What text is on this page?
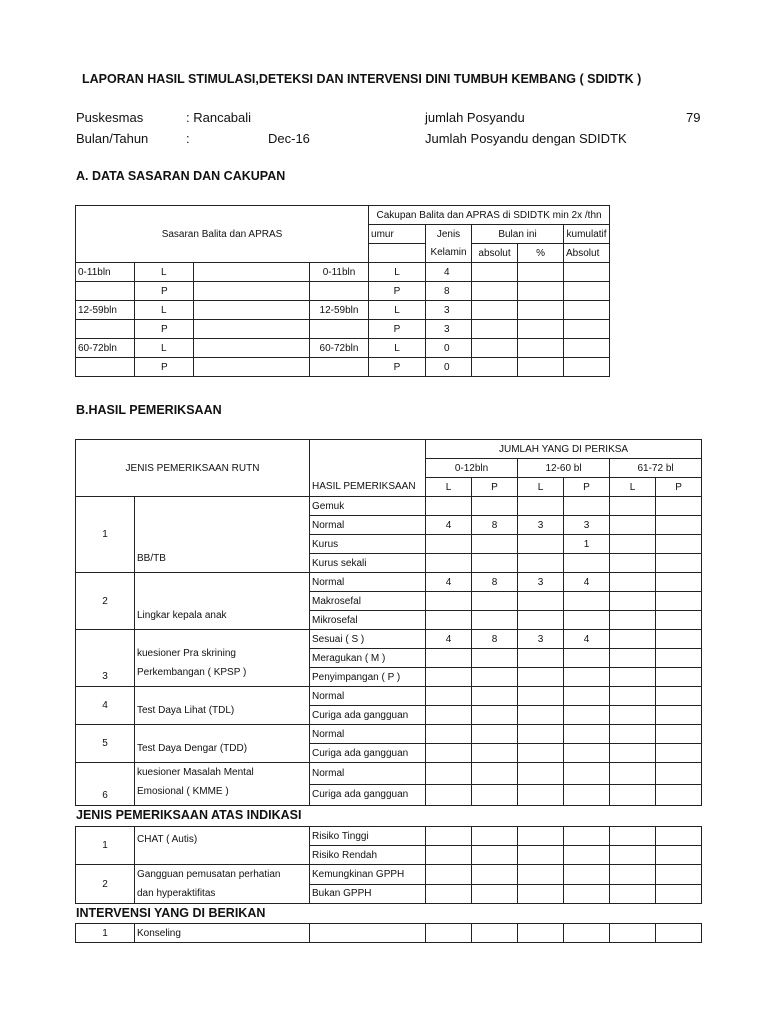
LAPORAN HASIL STIMULASI,DETEKSI DAN INTERVENSI DINI TUMBUH KEMBANG ( SDIDTK )
Puskesmas	: Rancabali	jumlah Posyandu	79
Bulan/Tahun	:	Dec-16	Jumlah Posyandu dengan SDIDTK
A. DATA SASARAN DAN CAKUPAN
Sasaran Balita dan APRAS				Cakupan Balita dan APRAS di SDIDTK min 2x /thn					
				umur	Jenis	Bulan ini		kumulatif	
					Kelamin	absolut	%	Absolut	
0-11bln	L		0-11bln	L	4				
	P			P	8				
12-59bln	L		12-59bln	L	3				
	P			P	3				
60-72bln	L		60-72bln	L	0				
	P			P	0				
B.HASIL PEMERIKSAAN
JENIS PEMERIKSAAN RUTN			JUMLAH YANG DI PERIKSA					
			0-12bln		12-60 bl		61-72 bl	
		HASIL PEMERIKSAAN	L	P	L	P	L	P
1	BB/TB	Gemuk						
		Normal	4	8	3	3		
		Kurus				1		
		Kurus sekali						
2	Lingkar kepala anak	Normal	4	8	3	4		
		Makrosefal						
		Mikrosefal						
3	kuesioner Pra skrining
Perkembangan ( KPSP )	Sesuai ( S )	4	8	3	4		
		Meragukan ( M )						
		Penyimpangan ( P )						
4	Test Daya Lihat (TDL)	Normal						
		Curiga ada gangguan						
5	Test Daya Dengar (TDD)	Normal						
		Curiga ada gangguan						
6	kuesioner Masalah Mental
Emosional ( KMME )	Normal						
		Curiga ada gangguan						
JENIS PEMERIKSAAN ATAS INDIKASI
1	CHAT ( Autis)	Risiko Tinggi						
		Risiko Rendah						
2	Gangguan pemusatan perhatian
dan hyperaktifitas	Kemungkinan GPPH						
		Bukan GPPH						
INTERVENSI YANG DI BERIKAN
1	Konseling							
